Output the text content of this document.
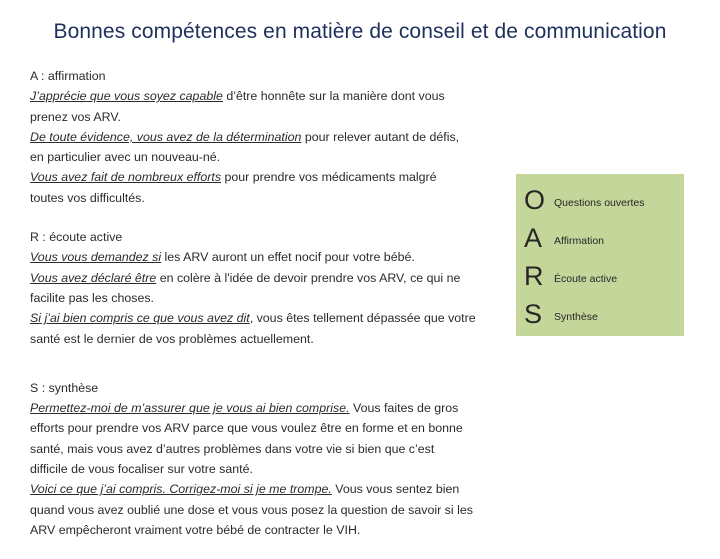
Bonnes compétences en matière de conseil et de communication

A : affirmation

J’apprécie que vous soyez capable d’être honnête sur la manière dont vous

prenez vos ARV.

De toute évidence, vous avez de la détermination pour relever autant de défis,

en particulier avec un nouveau-né.

Vous avez fait de nombreux efforts pour prendre vos médicaments malgré

toutes vos difficultés.

R : écoute active

Vous vous demandez si les ARV auront un effet nocif pour votre bébé.

Vous avez déclaré être en colère à l'idée de devoir prendre vos ARV, ce qui ne

facilite pas les choses.

Si j’ai bien compris ce que vous avez dit, vous êtes tellement dépassée que votre

santé est le dernier de vos problèmes actuellement.

S : synthèse

Permettez-moi de m’assurer que je vous ai bien comprise. Vous faites de gros

efforts pour prendre vos ARV parce que vous voulez être en forme et en bonne

santé, mais vous avez d’autres problèmes dans votre vie si bien que c’est

difficile de vous focaliser sur votre santé.

Voici ce que j’ai compris. Corrigez-moi si je me trompe. Vous vous sentez bien

quand vous avez oublié une dose et vous vous posez la question de savoir si les

ARV empêcheront vraiment votre bébé de contracter le VIH.

O Questions ouvertes
A	Affirmation
R	Écoute active
S	Synthèse
